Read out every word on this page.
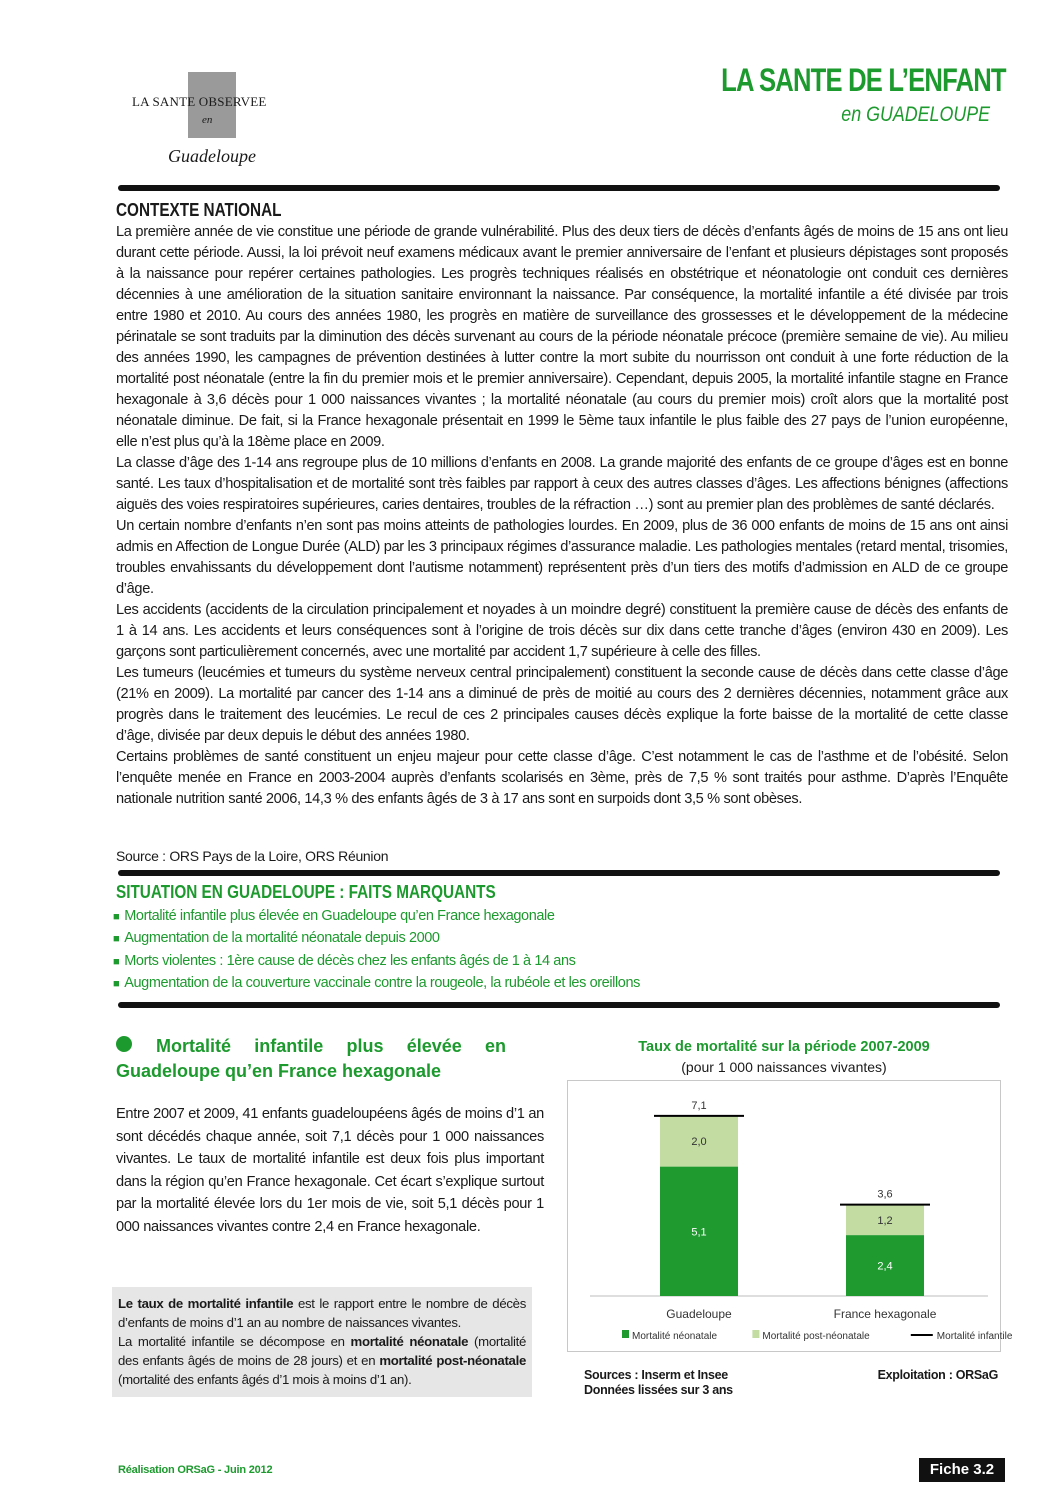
LA SANTE OBSERVEE
en
Guadeloupe
LA SANTE DE L’ENFANT
en GUADELOUPE
CONTEXTE NATIONAL

La première année de vie constitue une période de grande vulnérabilité. Plus des deux tiers de décès d’enfants âgés de moins de 15 ans ont lieu durant cette période. Aussi, la loi prévoit neuf examens médicaux avant le premier anniversaire de l’enfant et plusieurs dépistages sont proposés à la naissance pour repérer certaines pathologies. Les progrès techniques réalisés en obstétrique et néonatologie ont conduit ces dernières décennies à une amélioration de la situation sanitaire environnant la naissance. Par conséquence, la mortalité infantile a été divisée par trois entre 1980 et 2010. Au cours des années 1980, les progrès en matière de surveillance des grossesses et le développement de la médecine périnatale se sont traduits par la diminution des décès survenant au cours de la période néonatale précoce (première semaine de vie). Au milieu des années 1990, les campagnes de prévention destinées à lutter contre la mort subite du nourrisson ont conduit à une forte réduction de la mortalité post néonatale (entre la fin du premier mois et le premier anniversaire). Cependant, depuis 2005, la mortalité infantile stagne en France hexagonale à 3,6 décès pour 1 000 naissances vivantes ; la mortalité néonatale (au cours du premier mois) croît alors que la mortalité post néonatale diminue. De fait, si la France hexagonale présentait en 1999 le 5ème taux infantile le plus faible des 27 pays de l’union européenne, elle n’est plus qu’à la 18ème place en 2009.

La classe d’âge des 1-14 ans regroupe plus de 10 millions d’enfants en 2008. La grande majorité des enfants de ce groupe d’âges est en bonne santé. Les taux d’hospitalisation et de mortalité sont très faibles par rapport à ceux des autres classes d’âges. Les affections bénignes (affections aiguës des voies respiratoires supérieures, caries dentaires, troubles de la réfraction …) sont au premier plan des problèmes de santé déclarés.

Un certain nombre d’enfants n’en sont pas moins atteints de pathologies lourdes. En 2009, plus de 36 000 enfants de moins de 15 ans ont ainsi admis en Affection de Longue Durée (ALD) par les 3 principaux régimes d’assurance maladie. Les pathologies mentales (retard mental, trisomies, troubles envahissants du développement dont l’autisme notamment) représentent près d’un tiers des motifs d’admission en ALD de ce groupe d’âge.

Les accidents (accidents de la circulation principalement et noyades à un moindre degré) constituent la première cause de décès des enfants de 1 à 14 ans. Les accidents et leurs conséquences sont à l’origine de trois décès sur dix dans cette tranche d’âges (environ 430 en 2009). Les garçons sont particulièrement concernés, avec une mortalité par accident 1,7 supérieure à celle des filles.

Les tumeurs (leucémies et tumeurs du système nerveux central principalement) constituent la seconde cause de décès dans cette classe d’âge (21% en 2009). La mortalité par cancer des 1-14 ans a diminué de près de moitié au cours des 2 dernières décennies, notamment grâce aux progrès dans le traitement des leucémies. Le recul de ces 2 principales causes décès explique la forte baisse de la mortalité de cette classe d’âge, divisée par deux depuis le début des années 1980.

Certains problèmes de santé constituent un enjeu majeur pour cette classe d’âge. C’est notamment le cas de l’asthme et de l’obésité. Selon l’enquête menée en France en 2003-2004 auprès d’enfants scolarisés en 3ème, près de 7,5 % sont traités pour asthme. D’après l’Enquête nationale nutrition santé 2006, 14,3 % des enfants âgés de 3 à 17 ans sont en surpoids dont 3,5 % sont obèses.

Source : ORS Pays de la Loire, ORS Réunion
SITUATION EN GUADELOUPE : FAITS MARQUANTS
■ Mortalité infantile plus élevée en Guadeloupe qu’en France hexagonale
■ Augmentation de la mortalité néonatale depuis 2000
■ Morts violentes : 1ère cause de décès chez les enfants âgés de 1 à 14 ans
■ Augmentation de la couverture vaccinale contre la rougeole, la rubéole et les oreillons
Mortalité infantile plus élevée en
Guadeloupe qu’en France hexagonale
Entre 2007 et 2009, 41 enfants guadeloupéens âgés de moins d’1 an sont décédés chaque année, soit 7,1 décès pour 1 000 naissances vivantes. Le taux de mortalité infantile est deux fois plus important dans la région qu’en France hexagonale. Cet écart s’explique surtout par la mortalité élevée lors du 1er mois de vie, soit 5,1 décès pour 1 000 naissances vivantes contre 2,4 en France hexagonale.
Le taux de mortalité infantile est le rapport entre le nombre de décès d’enfants de moins d’1 an au nombre de naissances vivantes.
La mortalité infantile se décompose en mortalité néonatale (mortalité des enfants âgés de moins de 28 jours) et en mortalité post-néonatale (mortalité des enfants âgés d’1 mois à moins d’1 an).
Taux de mortalité sur la période 2007-2009
(pour 1 000 naissances vivantes)
5,1
2,0
7,1
Guadeloupe
2,4
1,2
3,6
France hexagonale
Mortalité néonatale	Mortalité post-néonatale	Mortalité infantile
Sources : Inserm et Insee
Données lissées sur 3 ans
Exploitation : ORSaG
Réalisation ORSaG - Juin 2012	Fiche 3.2
